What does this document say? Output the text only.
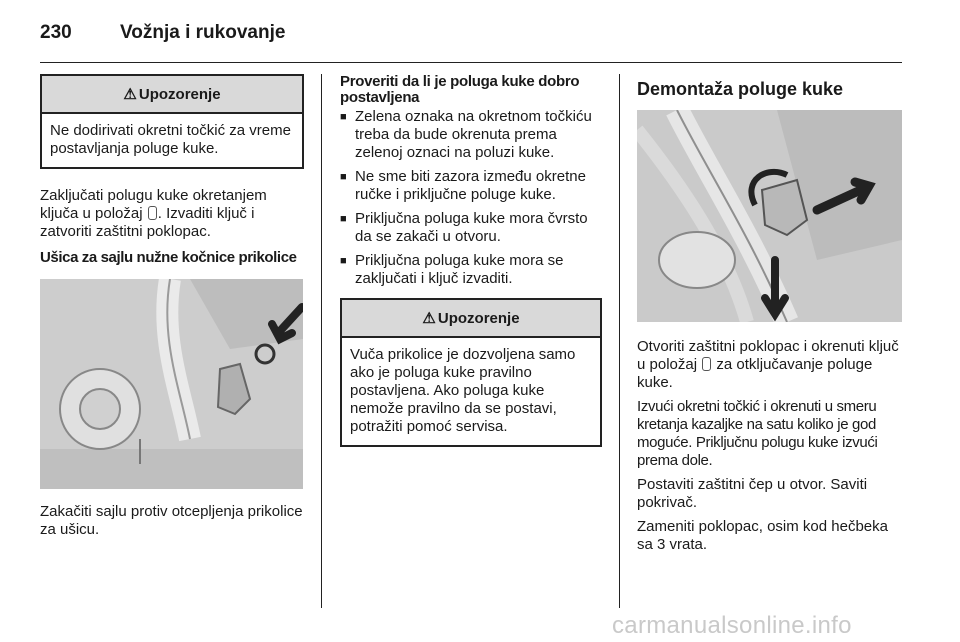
230	Vožnja i rukovanje
⚠ Upozorenje
Ne dodirivati okretni točkić za vreme postavljanja poluge kuke.

Zaključati polugu kuke okretanjem ključa u položaj . Izvaditi ključ i zatvoriti zaštitni poklopac.

Ušica za sajlu nužne kočnice prikolice

Zakačiti sajlu protiv otcepljenja prikolice za ušicu.

Proveriti da li je poluga kuke dobro postavljena

■ Zelena oznaka na okretnom točkiću treba da bude okrenuta prema zelenoj oznaci na poluzi kuke.
■ Ne sme biti zazora između okretne ručke i priključne poluge kuke.
■ Priključna poluga kuke mora čvrsto da se zakači u otvoru.
■ Priključna poluga kuke mora se zaključati i ključ izvaditi.
⚠ Upozorenje
Vuča prikolice je dozvoljena samo ako je poluga kuke pravilno postavljena. Ako poluga kuke nemože pravilno da se postavi, potražiti pomoć servisa.

Demontaža poluge kuke

Otvoriti zaštitni poklopac i okrenuti ključ u položaj  za otključavanje poluge kuke.

Izvući okretni točkić i okrenuti u smeru kretanja kazaljke na satu koliko je god moguće. Priključnu polugu kuke izvući prema dole.

Postaviti zaštitni čep u otvor. Saviti pokrivač.

Zameniti poklopac, osim kod hečbeka sa 3 vrata.

carmanualsonline.info
